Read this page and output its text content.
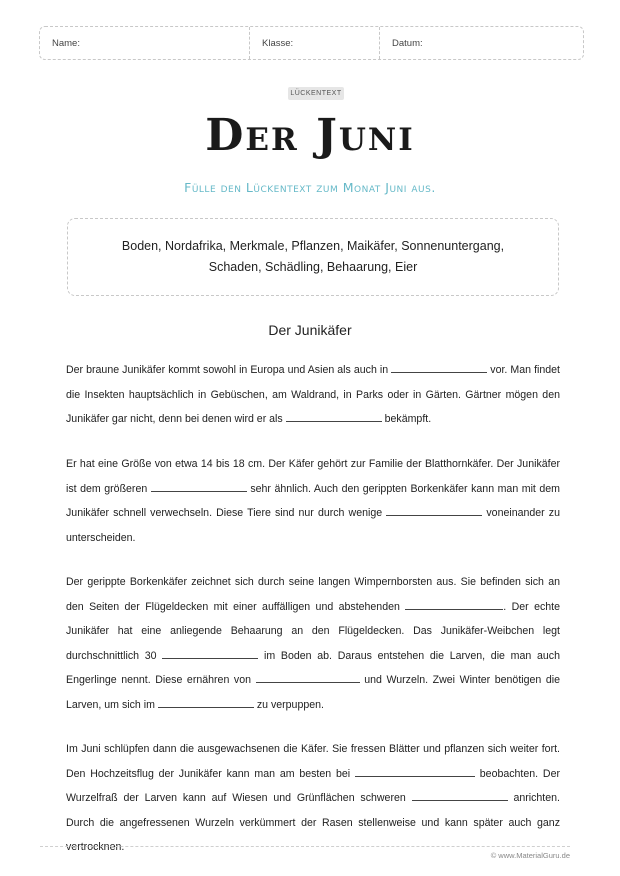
Name:	Klasse:	Datum:
LÜCKENTEXT
Der Juni
Fülle den Lückentext zum Monat Juni aus.
Boden, Nordafrika, Merkmale, Pflanzen, Maikäfer, Sonnenuntergang,
Schaden, Schädling, Behaarung, Eier
Der Junikäfer
Der braune Junikäfer kommt sowohl in Europa und Asien als auch in	vor. Man findet die Insekten hauptsächlich in Gebüschen, am Waldrand, in Parks oder in Gärten. Gärtner mögen den Junikäfer gar nicht, denn bei denen wird er als	bekämpft.
Er hat eine Größe von etwa 14 bis 18 cm. Der Käfer gehört zur Familie der Blatthornkäfer. Der Junikäfer ist dem größeren	sehr ähnlich. Auch den gerippten Borkenkäfer kann man mit dem Junikäfer schnell verwechseln. Diese Tiere sind nur durch wenige	voneinander zu unterscheiden.
Der gerippte Borkenkäfer zeichnet sich durch seine langen Wimpernborsten aus. Sie befinden sich an den Seiten der Flügeldecken mit einer auffälligen und abstehenden	. Der echte Junikäfer hat eine anliegende Behaarung an den Flügeldecken. Das Junikäfer-Weibchen legt durchschnittlich 30	im Boden ab. Daraus entstehen die Larven, die man auch Engerlinge nennt. Diese ernähren von	und Wurzeln. Zwei Winter benötigen die Larven, um sich im	zu verpuppen.
Im Juni schlüpfen dann die ausgewachsenen die Käfer. Sie fressen Blätter und pflanzen sich weiter fort. Den Hochzeitsflug der Junikäfer kann man am besten bei	beobachten. Der Wurzelfraß der Larven kann auf Wiesen und Grünflächen schweren	anrichten. Durch die angefressenen Wurzeln verkümmert der Rasen stellenweise und kann später auch ganz vertrocknen.
© www.MaterialGuru.de
